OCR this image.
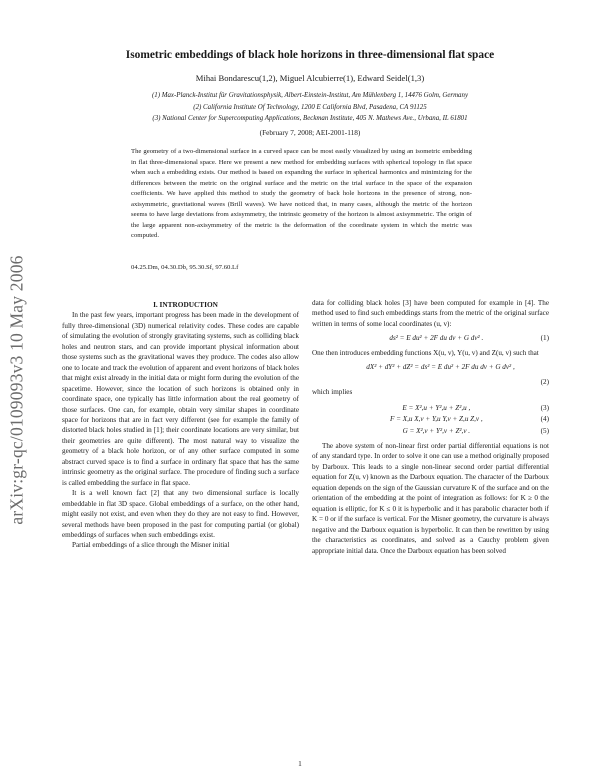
arXiv:gr-qc/0109093v3 10 May 2006
Isometric embeddings of black hole horizons in three-dimensional flat space
Mihai Bondarescu(1,2), Miguel Alcubierre(1), Edward Seidel(1,3)
(1) Max-Planck-Institut für Gravitationsphysik, Albert-Einstein-Institut, Am Mühlenberg 1, 14476 Golm, Germany
(2) California Institute Of Technology, 1200 E California Blvd, Pasadena, CA 91125
(3) National Center for Supercomputing Applications, Beckman Institute, 405 N. Mathews Ave., Urbana, IL 61801
(February 7, 2008; AEI-2001-118)
The geometry of a two-dimensional surface in a curved space can be most easily visualized by using an isometric embedding in flat three-dimensional space. Here we present a new method for embedding surfaces with spherical topology in flat space when such a embedding exists. Our method is based on expanding the surface in spherical harmonics and minimizing for the differences between the metric on the original surface and the metric on the trial surface in the space of the expansion coefficients. We have applied this method to study the geometry of back hole horizons in the presence of strong, non-axisymmetric, gravitational waves (Brill waves). We have noticed that, in many cases, although the metric of the horizon seems to have large deviations from axisymmetry, the intrinsic geometry of the horizon is almost axisymmetric. The origin of the large apparent non-axisymmetry of the metric is the deformation of the coordinate system in which the metric was computed.
04.25.Dm, 04.30.Db, 95.30.Sf, 97.60.Lf

I. INTRODUCTION

In the past few years, important progress has been made in the development of fully three-dimensional (3D) numerical relativity codes. These codes are capable of simulating the evolution of strongly gravitating systems, such as colliding black holes and neutron stars, and can provide important physical information about those systems such as the gravitational waves they produce. The codes also allow one to locate and track the evolution of apparent and event horizons of black holes that might exist already in the initial data or might form during the evolution of the spacetime. However, since the location of such horizons is obtained only in coordinate space, one typically has little information about the real geometry of those surfaces. One can, for example, obtain very similar shapes in coordinate space for horizons that are in fact very different (see for example the family of distorted black holes studied in [1]; their coordinate locations are very similar, but their geometries are quite different). The most natural way to visualize the geometry of a black hole horizon, or of any other surface computed in some abstract curved space is to find a surface in ordinary flat space that has the same intrinsic geometry as the original surface. The procedure of finding such a surface is called embedding the surface in flat space.

It is a well known fact [2] that any two dimensional surface is locally embeddable in flat 3D space. Global embeddings of a surface, on the other hand, might easily not exist, and even when they do they are not easy to find. However, several methods have been proposed in the past for computing partial (or global) embeddings of surfaces when such embeddings exist.

Partial embeddings of a slice through the Misner initial

data for colliding black holes [3] have been computed for example in [4]. The method used to find such embeddings starts from the metric of the original surface written in terms of some local coordinates (u, v):

ds² = E du² + 2F du dv + G dv² .	(1)

One then introduces embedding functions X(u, v), Y(u, v) and Z(u, v) such that

dX² + dY² + dZ² = ds² = E du² + 2F du dv + G dv² ,
(2)

which implies

E = X²,u + Y²,u + Z²,u ,	(3)
F = X,u X,v + Y,u Y,v + Z,u Z,v ,	(4)
G = X²,v + Y²,v + Z²,v .	(5)

The above system of non-linear first order partial differential equations is not of any standard type. In order to solve it one can use a method originally proposed by Darboux. This leads to a single non-linear second order partial differential equation for Z(u, v) known as the Darboux equation. The character of the Darboux equation depends on the sign of the Gaussian curvature K of the surface and on the orientation of the embedding at the point of integration as follows: for K ≥ 0 the equation is elliptic, for K ≤ 0 it is hyperbolic and it has parabolic character both if K = 0 or if the surface is vertical. For the Misner geometry, the curvature is always negative and the Darboux equation is hyperbolic. It can then be rewritten by using the characteristics as coordinates, and solved as a Cauchy problem given appropriate initial data. Once the Darboux equation has been solved

1
